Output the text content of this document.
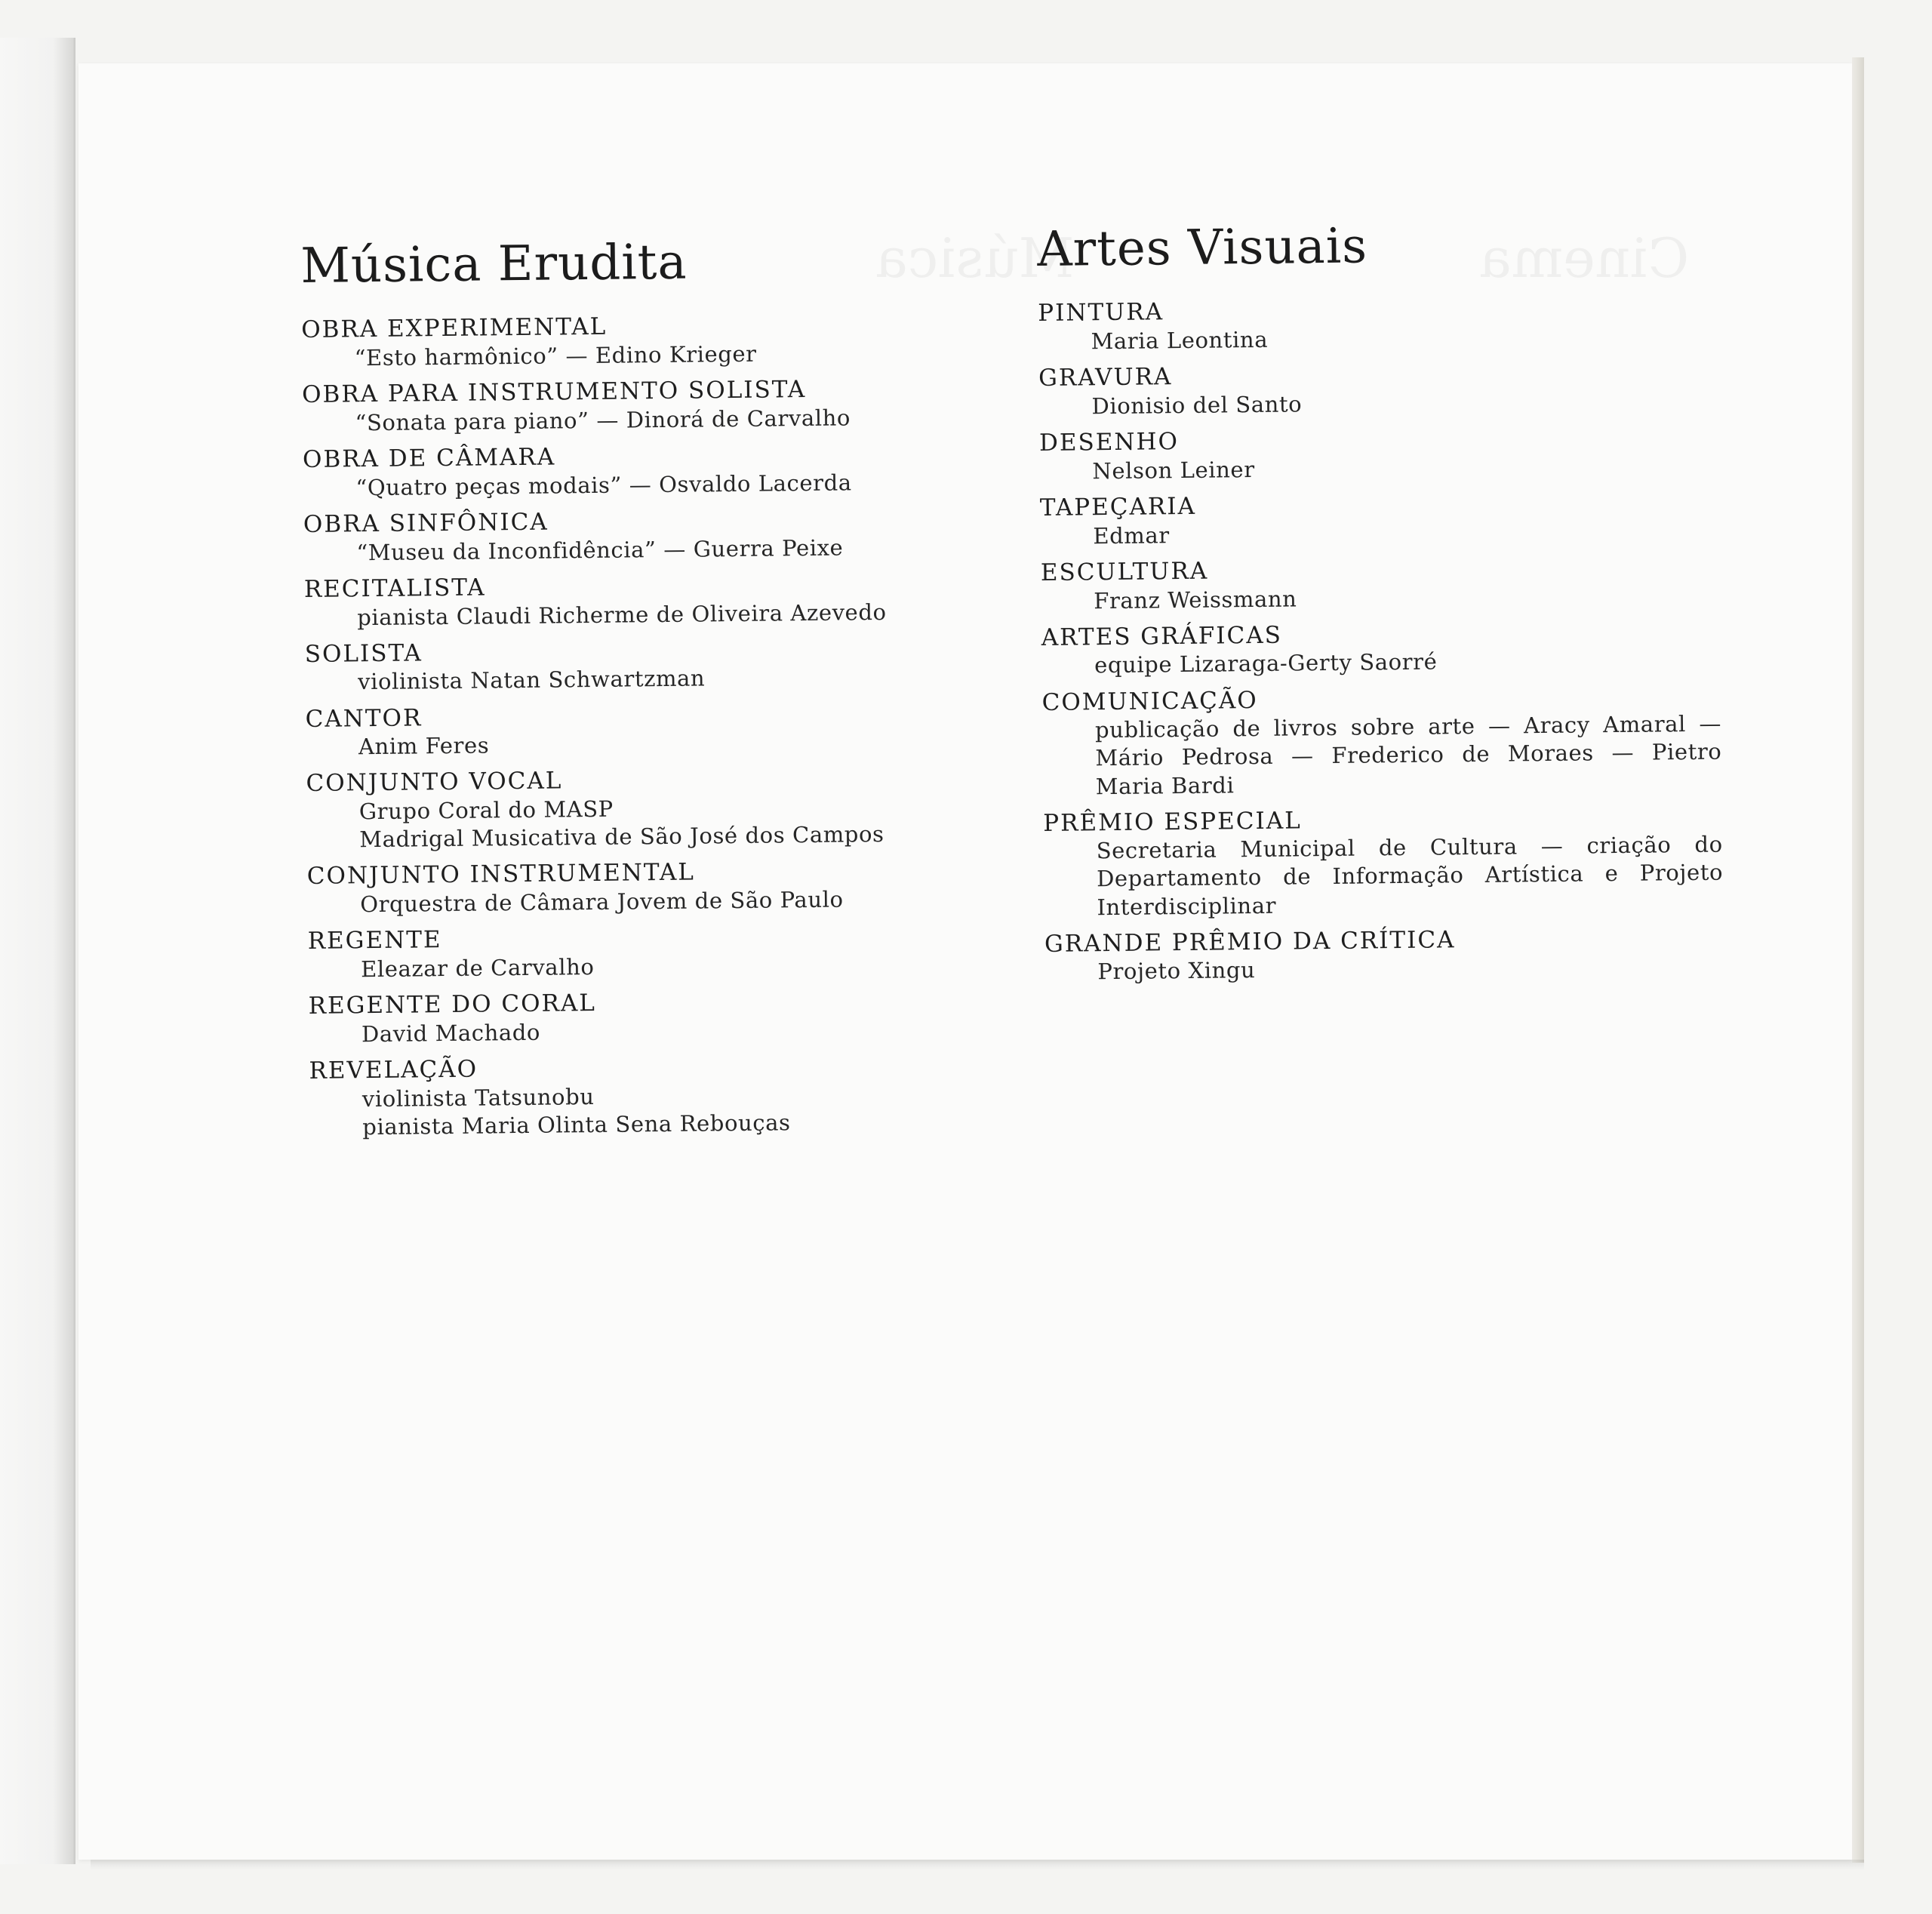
Música Erudita
OBRA EXPERIMENTAL
“Esto harmônico” — Edino Krieger
OBRA PARA INSTRUMENTO SOLISTA
“Sonata para piano” — Dinorá de Carvalho
OBRA DE CÂMARA
“Quatro peças modais” — Osvaldo Lacerda
OBRA SINFÔNICA
“Museu da Inconfidência” — Guerra Peixe
RECITALISTA
pianista Claudi Richerme de Oliveira Azevedo
SOLISTA
violinista Natan Schwartzman
CANTOR
Anim Feres
CONJUNTO VOCAL
Grupo Coral do MASP
Madrigal Musicativa de São José dos Campos
CONJUNTO INSTRUMENTAL
Orquestra de Câmara Jovem de São Paulo
REGENTE
Eleazar de Carvalho
REGENTE DO CORAL
David Machado
REVELAÇÃO
violinista Tatsunobu
pianista Maria Olinta Sena Rebouças
Artes Visuais
PINTURA
Maria Leontina
GRAVURA
Dionisio del Santo
DESENHO
Nelson Leiner
TAPEÇARIA
Edmar
ESCULTURA
Franz Weissmann
ARTES GRÁFICAS
equipe Lizaraga-Gerty Saorré
COMUNICAÇÃO
publicação de livros sobre arte — Aracy Amaral — Mário Pedrosa — Frederico de Moraes — Pietro Maria Bardi
PRÊMIO ESPECIAL
Secretaria Municipal de Cultura — criação do Departamento de Informação Artística e Projeto Interdisciplinar
GRANDE PRÊMIO DA CRÍTICA
Projeto Xingu
